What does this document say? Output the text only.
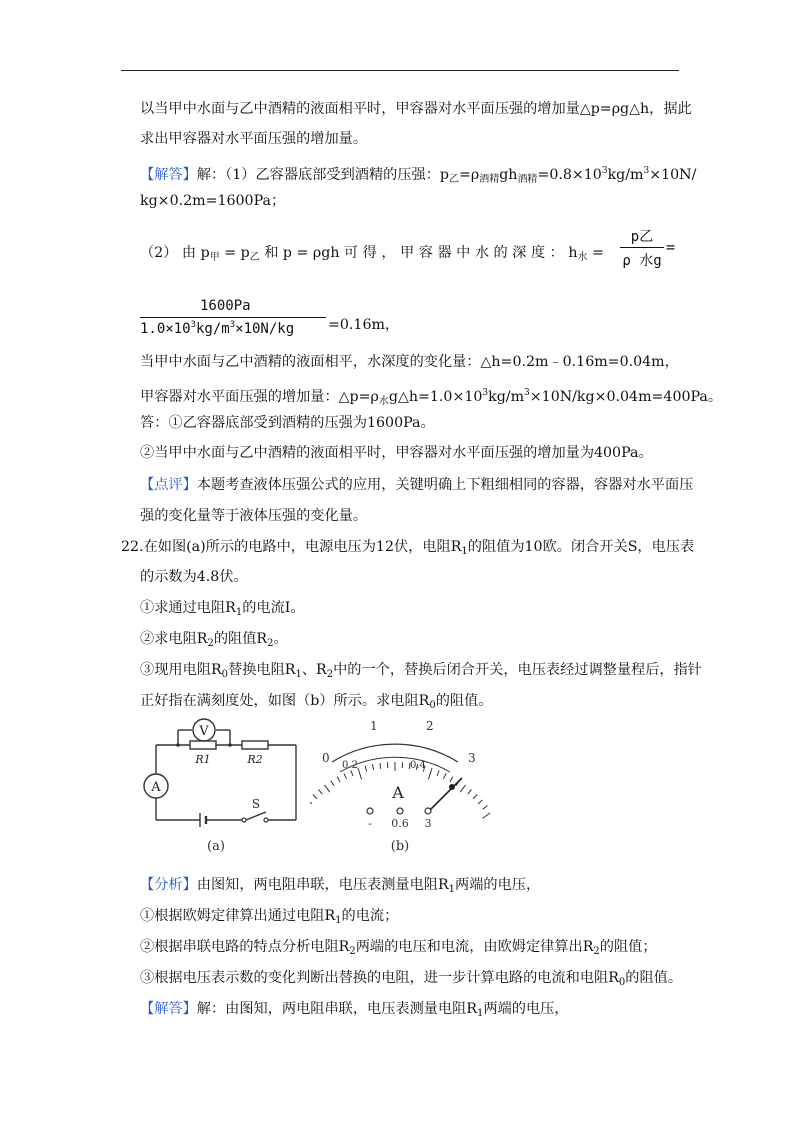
以当甲中水面与乙中酒精的液面相平时，甲容器对水平面压强的增加量△p=ρg△h，据此
求出甲容器对水平面压强的增加量。
【解答】解：（1）乙容器底部受到酒精的压强：$p_乙=\rho_{酒精}gh_{酒精}=0.8\times 10^3kg/m^3\times 10N/$
kg×0.2m=1600Pa；
（2） 由 $p_甲 = p_乙$ 和 p = ρgh 可 得 ， 甲 容 器 中 水 的 深 度 ： $h_水$ =
p乙
ρ 水g
=
1600Pa
$1.0\times 10^3kg/m^3\times 10N/kg =0.16m$，
当甲中水面与乙中酒精的液面相平，水深度的变化量：△h=0.2m﹣0.16m=0.04m，
甲容器对水平面压强的增加量：$\triangle p=\rho_水g\triangle h=1.0\times 10^3kg/m^3\times 10N/kg\times 0.04m=400Pa$。
答：①乙容器底部受到酒精的压强为1600Pa。
②当甲中水面与乙中酒精的液面相平时，甲容器对水平面压强的增加量为400Pa。
【点评】本题考查液体压强公式的应用，关键明确上下粗细相同的容器，容器对水平面压
强的变化量等于液体压强的变化量。
22.在如图(a)所示的电路中，电源电压为12伏，电阻$R_1$的阻值为10欧。闭合开关S，电压表
的示数为4.8伏。
①求通过电阻$R_1$的电流I。
②求电阻$R_2$的阻值$R_2$。
③现用电阻$R_0$替换电阻$R_1$、$R_2$中的一个，替换后闭合开关，电压表经过调整量程后，指针
正好指在满刻度处，如图（b）所示。求电阻$R_0$的阻值。
V
A
R1	R2
S
(a)
0
1	2
3
0.2	0.4
A
- 0.6 3
(b)
【分析】由图知，两电阻串联，电压表测量电阻$R_1$两端的电压，
①根据欧姆定律算出通过电阻$R_1$的电流；
②根据串联电路的特点分析电阻$R_2$两端的电压和电流，由欧姆定律算出$R_2$的阻值；
③根据电压表示数的变化判断出替换的电阻，进一步计算电路的电流和电阻$R_0$的阻值。
【解答】解：由图知，两电阻串联，电压表测量电阻$R_1$两端的电压，
